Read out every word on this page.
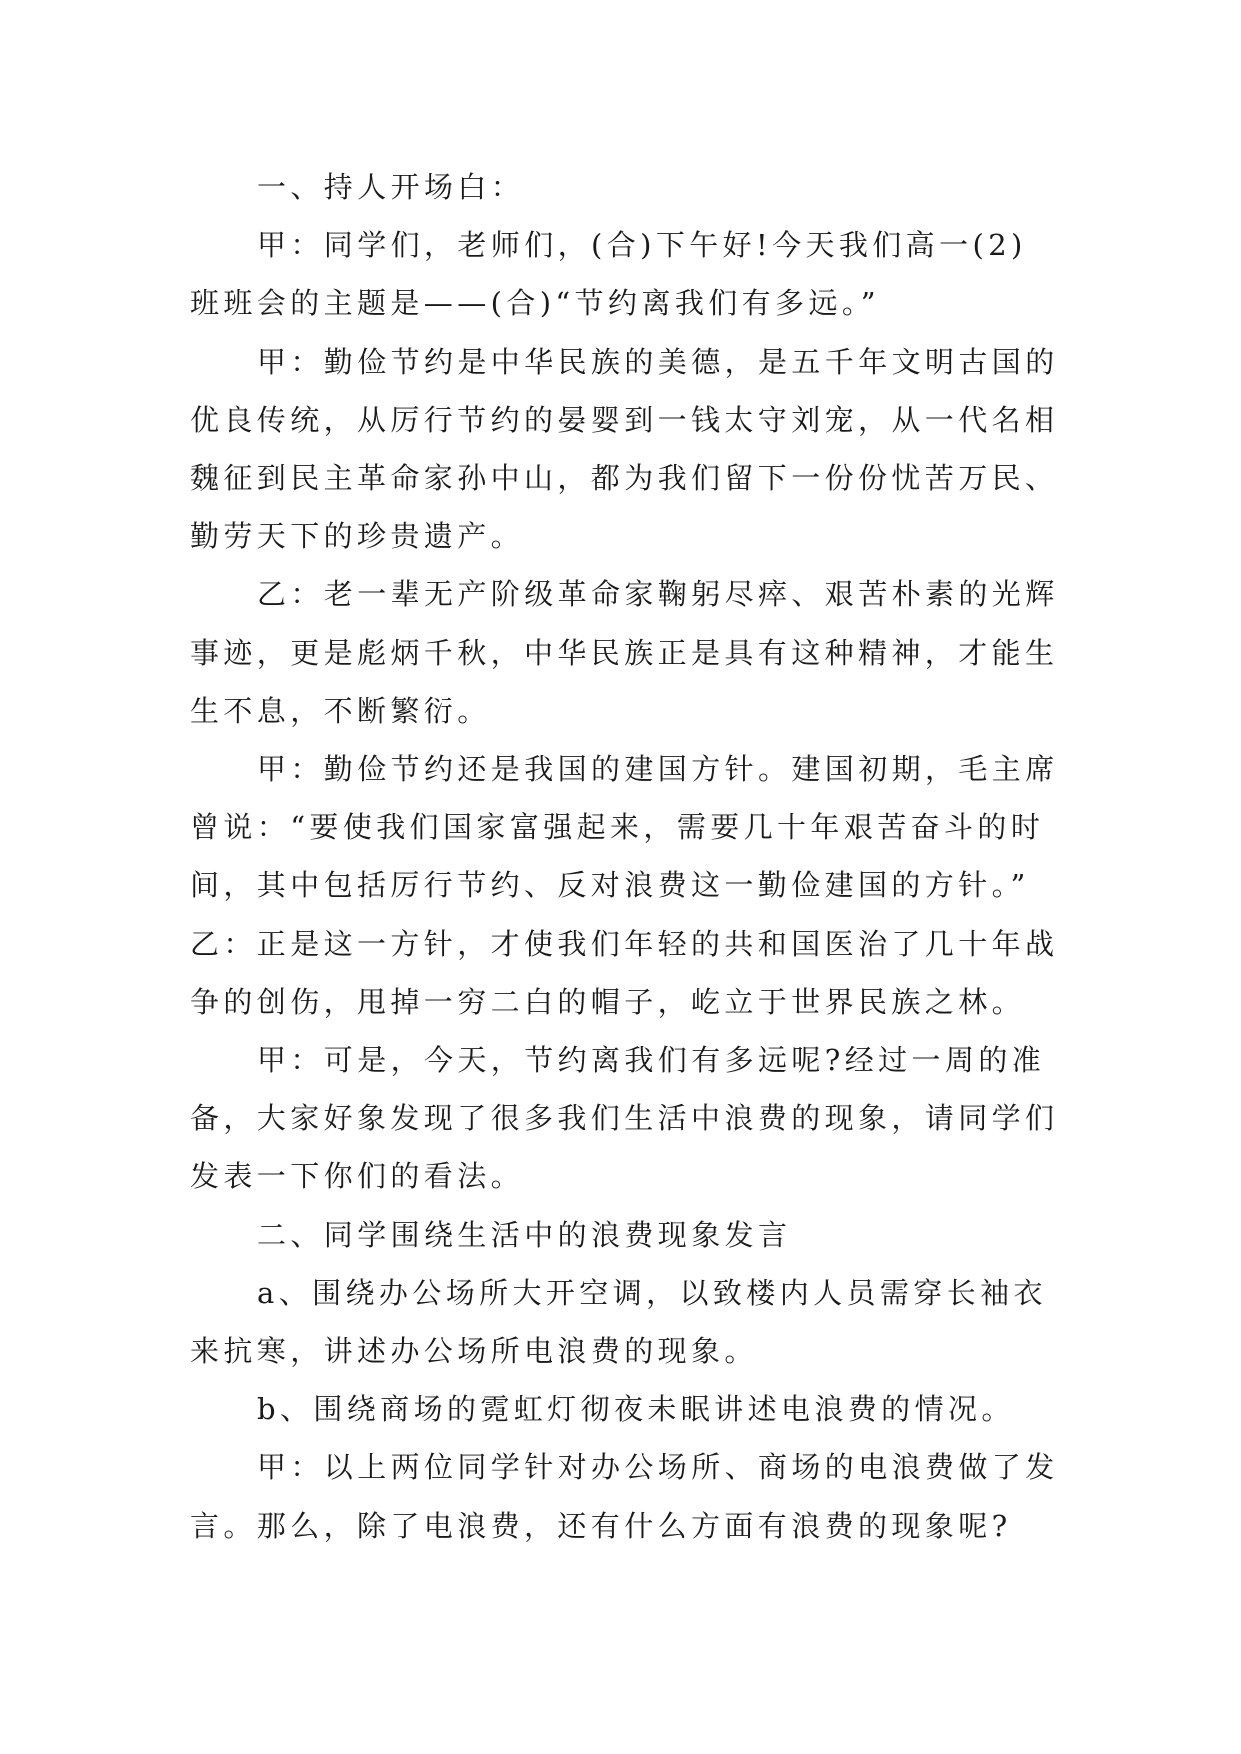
一、持人开场白：

甲：同学们，老师们，(合)下午好!今天我们高一(2)班班会的主题是——(合)“节约离我们有多远。”

甲：勤俭节约是中华民族的美德，是五千年文明古国的优良传统，从厉行节约的晏婴到一钱太守刘宠，从一代名相魏征到民主革命家孙中山，都为我们留下一份份忧苦万民、勤劳天下的珍贵遗产。

乙：老一辈无产阶级革命家鞠躬尽瘁、艰苦朴素的光辉事迹，更是彪炳千秋，中华民族正是具有这种精神，才能生生不息，不断繁衍。

甲：勤俭节约还是我国的建国方针。建国初期，毛主席曾说：“要使我们国家富强起来，需要几十年艰苦奋斗的时间，其中包括厉行节约、反对浪费这一勤俭建国的方针。”

乙：正是这一方针，才使我们年轻的共和国医治了几十年战争的创伤，甩掉一穷二白的帽子，屹立于世界民族之林。

甲：可是，今天，节约离我们有多远呢?经过一周的准备，大家好象发现了很多我们生活中浪费的现象，请同学们发表一下你们的看法。

二、同学围绕生活中的浪费现象发言

a、围绕办公场所大开空调，以致楼内人员需穿长袖衣来抗寒，讲述办公场所电浪费的现象。

b、围绕商场的霓虹灯彻夜未眠讲述电浪费的情况。

甲：以上两位同学针对办公场所、商场的电浪费做了发言。那么，除了电浪费，还有什么方面有浪费的现象呢?
